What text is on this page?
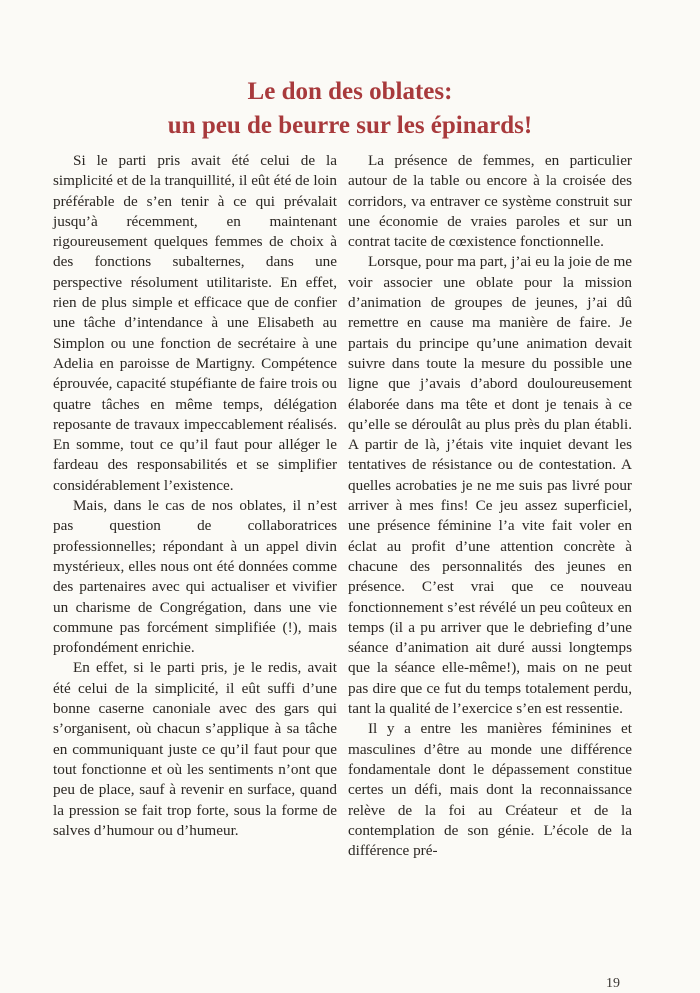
Le don des oblates:
un peu de beurre sur les épinards!

Si le parti pris avait été celui de la simplicité et de la tranquillité, il eût été de loin préférable de s’en tenir à ce qui prévalait jusqu’à récemment, en maintenant rigoureusement quelques femmes de choix à des fonctions subalternes, dans une perspective résolument utilitariste. En effet, rien de plus simple et efficace que de confier une tâche d’intendance à une Elisabeth au Simplon ou une fonction de secrétaire à une Adelia en paroisse de Martigny. Compétence éprouvée, capacité stupéfiante de faire trois ou quatre tâches en même temps, délégation reposante de travaux impeccablement réalisés. En somme, tout ce qu’il faut pour alléger le fardeau des responsabilités et se simplifier considérablement l’existence.

Mais, dans le cas de nos oblates, il n’est pas question de collaboratrices professionnelles; répondant à un appel divin mystérieux, elles nous ont été données comme des partenaires avec qui actualiser et vivifier un charisme de Congrégation, dans une vie commune pas forcément simplifiée (!), mais profondément enrichie.

En effet, si le parti pris, je le redis, avait été celui de la simplicité, il eût suffi d’une bonne caserne canoniale avec des gars qui s’organisent, où chacun s’applique à sa tâche en communiquant juste ce qu’il faut pour que tout fonctionne et où les sentiments n’ont que peu de place, sauf à revenir en surface, quand la pression se fait trop forte, sous la forme de salves d’humour ou d’humeur.

La présence de femmes, en particulier autour de la table ou encore à la croisée des corridors, va entraver ce système construit sur une économie de vraies paroles et sur un contrat tacite de cœxistence fonctionnelle.

Lorsque, pour ma part, j’ai eu la joie de me voir associer une oblate pour la mission d’animation de groupes de jeunes, j’ai dû remettre en cause ma manière de faire. Je partais du principe qu’une animation devait suivre dans toute la mesure du possible une ligne que j’avais d’abord douloureusement élaborée dans ma tête et dont je tenais à ce qu’elle se déroulât au plus près du plan établi. A partir de là, j’étais vite inquiet devant les tentatives de résistance ou de contestation. A quelles acrobaties je ne me suis pas livré pour arriver à mes fins! Ce jeu assez superficiel, une présence féminine l’a vite fait voler en éclat au profit d’une attention concrète à chacune des personnalités des jeunes en présence. C’est vrai que ce nouveau fonctionnement s’est révélé un peu coûteux en temps (il a pu arriver que le debriefing d’une séance d’animation ait duré aussi longtemps que la séance elle-même!), mais on ne peut pas dire que ce fut du temps totalement perdu, tant la qualité de l’exercice s’en est ressentie.

Il y a entre les manières féminines et masculines d’être au monde une différence fondamentale dont le dépassement constitue certes un défi, mais dont la reconnaissance relève de la foi au Créateur et de la contemplation de son génie. L’école de la différence pré-

19
